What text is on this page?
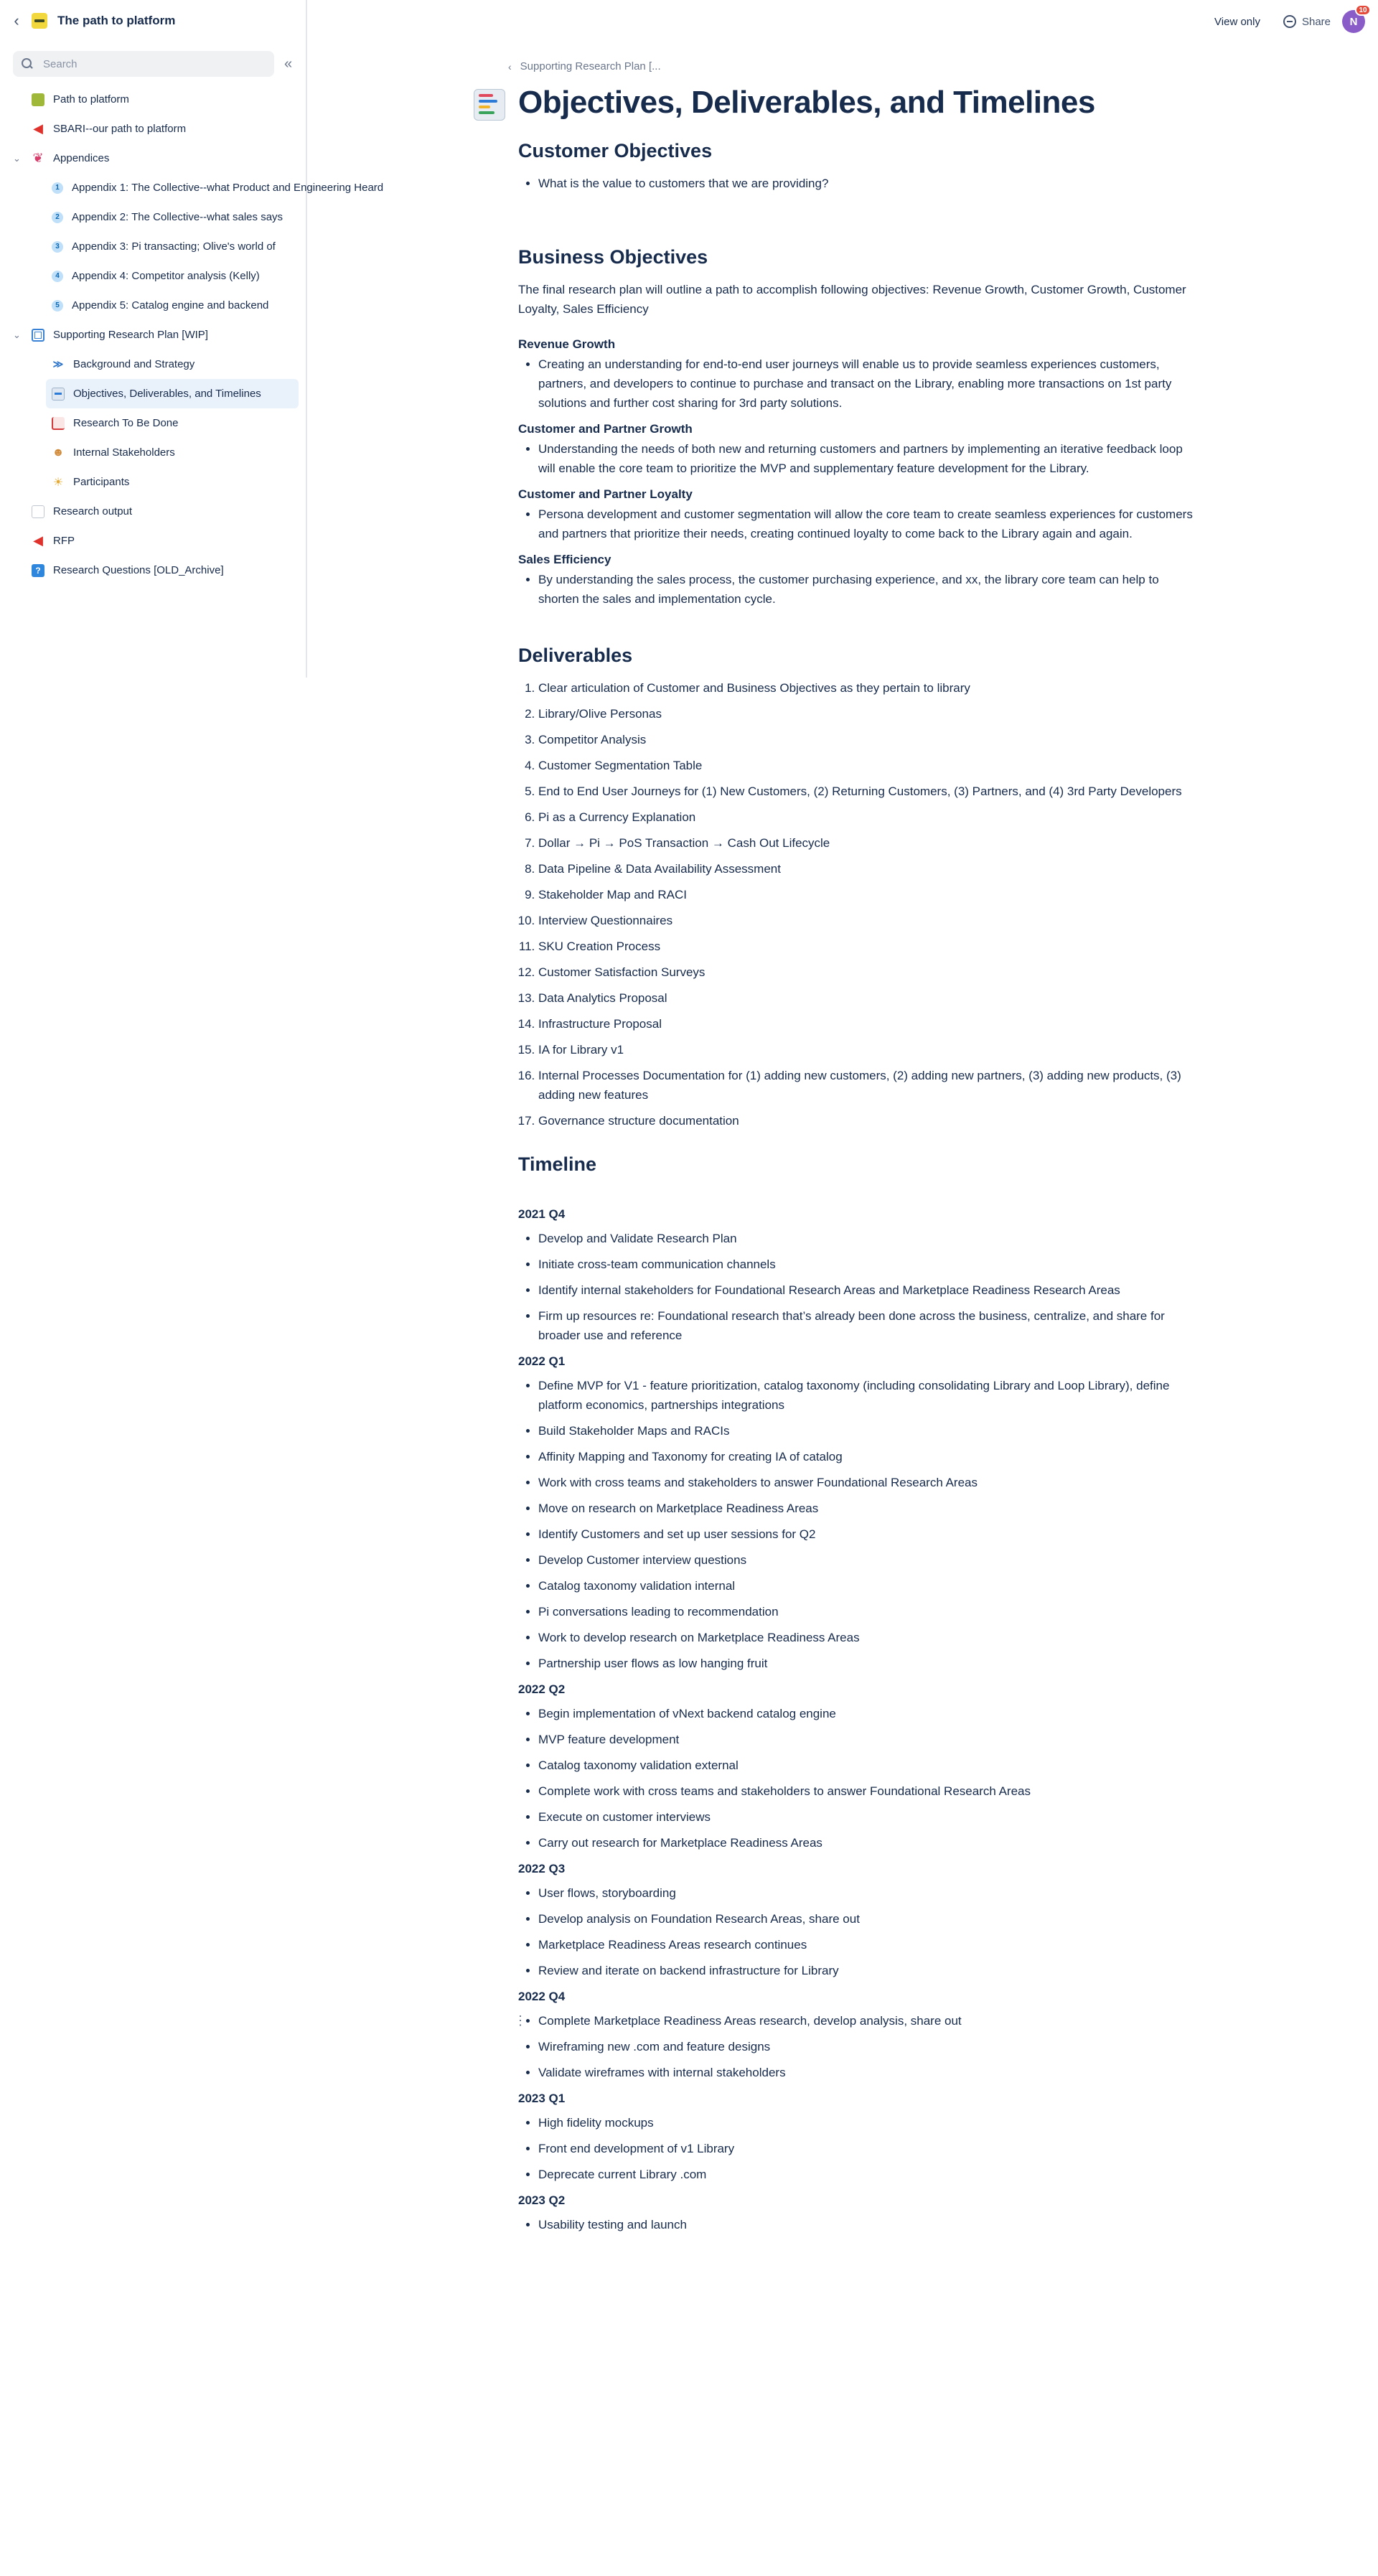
‹	The path to platform
Search
«
Path to platform
◀ SBARI--our path to platform
⌄ ❦ Appendices
1	Appendix 1: The Collective--what Product and Engineering Heard
2	Appendix 2: The Collective--what sales says
3	Appendix 3: Pi transacting; Olive's world of
4	Appendix 4: Competitor analysis (Kelly)
5	Appendix 5: Catalog engine and backend
⌄	Supporting Research Plan [WIP]
≫ Background and Strategy
Objectives, Deliverables, and Timelines
Research To Be Done
☻ Internal Stakeholders
☀ Participants
Research output
◀ RFP
?	Research Questions [OLD_Archive]
View only	Share N
10
‹ Supporting Research Plan [...
Objectives, Deliverables, and Timelines
Customer Objectives
• What is the value to customers that we are providing?
Business Objectives

The final research plan will outline a path to accomplish following objectives: Revenue Growth, Customer Growth, Customer Loyalty, Sales Efficiency

Revenue Growth
• Creating an understanding for end-to-end user journeys will enable us to provide seamless experiences customers, partners, and developers to continue to purchase and transact on the Library, enabling more transactions on 1st party solutions and further cost sharing for 3rd party solutions.
Customer and Partner Growth
• Understanding the needs of both new and returning customers and partners by implementing an iterative feedback loop will enable the core team to prioritize the MVP and supplementary feature development for the Library.
Customer and Partner Loyalty
• Persona development and customer segmentation will allow the core team to create seamless experiences for customers and partners that prioritize their needs, creating continued loyalty to come back to the Library again and again.
Sales Efficiency
• By understanding the sales process, the customer purchasing experience, and xx, the library core team can help to shorten the sales and implementation cycle.
Deliverables
1. Clear articulation of Customer and Business Objectives as they pertain to library
2. Library/Olive Personas
3. Competitor Analysis
4. Customer Segmentation Table
5. End to End User Journeys for (1) New Customers, (2) Returning Customers, (3) Partners, and (4) 3rd Party Developers
6. Pi as a Currency Explanation
7. Dollar → Pi → PoS Transaction → Cash Out Lifecycle
8. Data Pipeline & Data Availability Assessment
9. Stakeholder Map and RACI
10. Interview Questionnaires
11. SKU Creation Process
12. Customer Satisfaction Surveys
13. Data Analytics Proposal
14. Infrastructure Proposal
15. IA for Library v1
16. Internal Processes Documentation for (1) adding new customers, (2) adding new partners, (3) adding new products, (3) adding new features
17. Governance structure documentation
Timeline
2021 Q4
• Develop and Validate Research Plan
• Initiate cross-team communication channels
• Identify internal stakeholders for Foundational Research Areas and Marketplace Readiness Research Areas
• Firm up resources re: Foundational research that’s already been done across the business, centralize, and share for broader use and reference
2022 Q1
• Define MVP for V1 - feature prioritization, catalog taxonomy (including consolidating Library and Loop Library), define platform economics, partnerships integrations
• Build Stakeholder Maps and RACIs
• Affinity Mapping and Taxonomy for creating IA of catalog
• Work with cross teams and stakeholders to answer Foundational Research Areas
• Move on research on Marketplace Readiness Areas
• Identify Customers and set up user sessions for Q2
• Develop Customer interview questions
• Catalog taxonomy validation internal
• Pi conversations leading to recommendation
• Work to develop research on Marketplace Readiness Areas
• Partnership user flows as low hanging fruit
2022 Q2
• Begin implementation of vNext backend catalog engine
• MVP feature development
• Catalog taxonomy validation external
• Complete work with cross teams and stakeholders to answer Foundational Research Areas
• Execute on customer interviews
• Carry out research for Marketplace Readiness Areas
2022 Q3
• User flows, storyboarding
• Develop analysis on Foundation Research Areas, share out
• Marketplace Readiness Areas research continues
• Review and iterate on backend infrastructure for Library
2022 Q4
• ⋮ Complete Marketplace Readiness Areas research, develop analysis, share out
• Wireframing new .com and feature designs
• Validate wireframes with internal stakeholders
2023 Q1
• High fidelity mockups
• Front end development of v1 Library
• Deprecate current Library .com
2023 Q2
• Usability testing and launch
